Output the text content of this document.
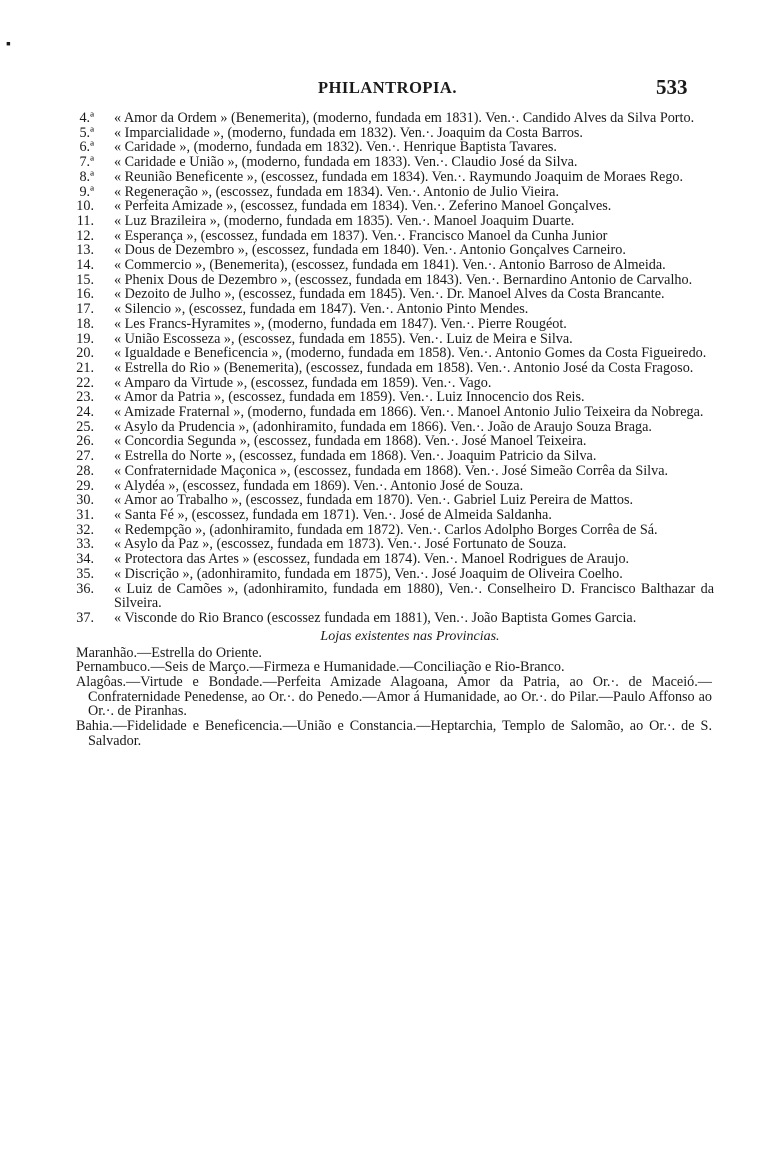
▪
PHILANTROPIA.	533
4.ª « Amor da Ordem » (Benemerita), (moderno, fundada em 1831). Ven.·. Candido Alves da Silva Porto.
5.ª « Imparcialidade », (moderno, fundada em 1832). Ven.·. Joaquim da Costa Barros.
6.ª « Caridade », (moderno, fundada em 1832). Ven.·. Henrique Baptista Tavares.
7.ª « Caridade e União », (moderno, fundada em 1833). Ven.·. Claudio José da Silva.
8.ª « Reunião Beneficente », (escossez, fundada em 1834). Ven.·. Raymundo Joaquim de Moraes Rego.
9.ª « Regeneração », (escossez, fundada em 1834). Ven.·. Antonio de Julio Vieira.
10. « Perfeita Amizade », (escossez, fundada em 1834). Ven.·. Zeferino Manoel Gonçalves.
11. « Luz Brazileira », (moderno, fundada em 1835). Ven.·. Manoel Joaquim Duarte.
12. « Esperança », (escossez, fundada em 1837). Ven.·. Francisco Manoel da Cunha Junior
13. « Dous de Dezembro », (escossez, fundada em 1840). Ven.·. Antonio Gonçalves Carneiro.
14. « Commercio », (Benemerita), (escossez, fundada em 1841). Ven.·. Antonio Barroso de Almeida.
15. « Phenix Dous de Dezembro », (escossez, fundada em 1843). Ven.·. Bernardino Antonio de Carvalho.
16. « Dezoito de Julho », (escossez, fundada em 1845). Ven.·. Dr. Manoel Alves da Costa Brancante.
17. « Silencio », (escossez, fundada em 1847). Ven.·. Antonio Pinto Mendes.
18. « Les Francs-Hyramites », (moderno, fundada em 1847). Ven.·. Pierre Rougéot.
19. « União Escosseza », (escossez, fundada em 1855). Ven.·. Luiz de Meira e Silva.
20. « Igualdade e Beneficencia », (moderno, fundada em 1858). Ven.·. Antonio Gomes da Costa Figueiredo.
21. « Estrella do Rio » (Benemerita), (escossez, fundada em 1858). Ven.·. Antonio José da Costa Fragoso.
22. « Amparo da Virtude », (escossez, fundada em 1859). Ven.·. Vago.
23. « Amor da Patria », (escossez, fundada em 1859). Ven.·. Luiz Innocencio dos Reis.
24. « Amizade Fraternal », (moderno, fundada em 1866). Ven.·. Manoel Antonio Julio Teixeira da Nobrega.
25. « Asylo da Prudencia », (adonhiramito, fundada em 1866). Ven.·. João de Araujo Souza Braga.
26. « Concordia Segunda », (escossez, fundada em 1868). Ven.·. José Manoel Teixeira.
27. « Estrella do Norte », (escossez, fundada em 1868). Ven.·. Joaquim Patricio da Silva.
28. « Confraternidade Maçonica », (escossez, fundada em 1868). Ven.·. José Simeão Corrêa da Silva.
29. « Alydéa », (escossez, fundada em 1869). Ven.·. Antonio José de Souza.
30. « Amor ao Trabalho », (escossez, fundada em 1870). Ven.·. Gabriel Luiz Pereira de Mattos.
31. « Santa Fé », (escossez, fundada em 1871). Ven.·. José de Almeida Saldanha.
32. « Redempção », (adonhiramito, fundada em 1872). Ven.·. Carlos Adolpho Borges Corrêa de Sá.
33. « Asylo da Paz », (escossez, fundada em 1873). Ven.·. José Fortunato de Souza.
34. « Protectora das Artes » (escossez, fundada em 1874). Ven.·. Manoel Rodrigues de Araujo.
35. « Discrição », (adonhiramito, fundada em 1875), Ven.·. José Joaquim de Oliveira Coelho.
36. « Luiz de Camões », (adonhiramito, fundada em 1880), Ven.·. Conselheiro D. Francisco Balthazar da Silveira.
37. « Visconde do Rio Branco (escossez fundada em 1881), Ven.·. João Baptista Gomes Garcia.
Lojas existentes nas Provincias.
Maranhão.—Estrella do Oriente.
Pernambuco.—Seis de Março.—Firmeza e Humanidade.—Conciliação e Rio-Branco.
Alagôas.—Virtude e Bondade.—Perfeita Amizade Alagoana, Amor da Patria, ao Or.·. de Maceió.—Confraternidade Penedense, ao Or.·. do Penedo.—Amor á Humanidade, ao Or.·. do Pilar.—Paulo Affonso ao Or.·. de Piranhas.
Bahia.—Fidelidade e Beneficencia.—União e Constancia.—Heptarchia, Templo de Salomão, ao Or.·. de S. Salvador.
